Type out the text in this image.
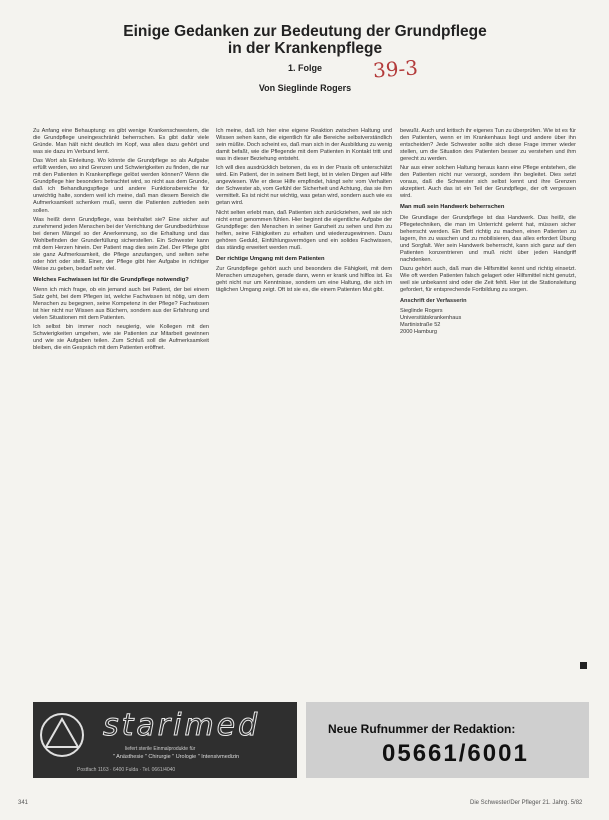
Einige Gedanken zur Bedeutung der Grundpflege
in der Krankenpflege
1. Folge
Von Sieglinde Rogers
39-3

Zu Anfang eine Behauptung: es gibt wenige Krankenschwestern, die die Grundpflege uneingeschränkt beherrschen. Es gibt dafür viele Gründe. Man hält nicht deutlich im Kopf, was alles dazu gehört und was sie dazu im Verbund lernt.

Das Wort als Einleitung. Wo könnte die Grundpflege so als Aufgabe erfüllt werden, wo sind Grenzen und Schwierigkeiten zu finden, die nur mit den Patienten in Krankenpflege gelöst werden können? Wenn die Grundpflege hier besonders betrachtet wird, so nicht aus dem Grunde, daß ich Behandlungspflege und andere Funktionsbereiche für unwichtig halte, sondern weil ich meine, daß man diesem Bereich die Aufmerksamkeit schenken muß, wenn die Patienten zufrieden sein sollen.

Was heißt denn Grundpflege, was beinhaltet sie? Eine sicher auf zunehmend jeden Menschen bei der Verrichtung der Grundbedürfnisse bei denen Mängel so der Anerkennung, so die Erhaltung und das Wohlbefinden der Grunderfüllung sicherstellen. Ein Schwester kann mit dem Herzen hinein. Der Patient mag dies sein Ziel. Der Pflege gibt sie ganz Aufmerksamkeit, die Pflege anzufangen, und selten sehe oder hört oder stellt. Einer, der Pflege gibt hier Aufgabe in richtiger Weise zu geben, bedarf sehr viel.

Welches Fachwissen ist für die Grundpflege notwendig?

Wenn ich mich frage, ob ein jemand auch bei Patient, der bei einem Satz geht, bei dem Pflegen ist, welche Fachwissen ist nötig, um dem Menschen zu begegnen, seine Kompetenz in der Pflege? Fachwissen ist hier nicht nur Wissen aus Büchern, sondern aus der Erfahrung und vielen Situationen mit dem Patienten.

Ich selbst bin immer noch neugierig, wie Kollegen mit den Schwierigkeiten umgehen, wie sie Patienten zur Mitarbeit gewinnen und wie sie Aufgaben teilen. Zum Schluß soll die Aufmerksamkeit bleiben, die ein Gespräch mit dem Patienten eröffnet.

Ich meine, daß ich hier eine eigene Reaktion zwischen Haltung und Wissen sehen kann, die eigentlich für alle Bereiche selbstverständlich sein müßte. Doch scheint es, daß man sich in der Ausbildung zu wenig damit befaßt, wie die Pflegende mit dem Patienten in Kontakt tritt und was in dieser Beziehung entsteht.

Ich will dies ausdrücklich betonen, da es in der Praxis oft unterschätzt wird. Ein Patient, der in seinem Bett liegt, ist in vielen Dingen auf Hilfe angewiesen. Wie er diese Hilfe empfindet, hängt sehr vom Verhalten der Schwester ab, vom Gefühl der Sicherheit und Achtung, das sie ihm vermittelt. Es ist nicht nur wichtig, was getan wird, sondern auch wie es getan wird.

Nicht selten erlebt man, daß Patienten sich zurückziehen, weil sie sich nicht ernst genommen fühlen. Hier beginnt die eigentliche Aufgabe der Grundpflege: den Menschen in seiner Ganzheit zu sehen und ihm zu helfen, seine Fähigkeiten zu erhalten und wiederzugewinnen. Dazu gehören Geduld, Einfühlungsvermögen und ein solides Fachwissen, das ständig erweitert werden muß.

Der richtige Umgang mit dem Patienten

Zur Grundpflege gehört auch und besonders die Fähigkeit, mit dem Menschen umzugehen, gerade dann, wenn er krank und hilflos ist. Es geht nicht nur um Kenntnisse, sondern um eine Haltung, die sich im täglichen Umgang zeigt. Oft ist sie es, die einem Patienten Mut gibt.

bewußt. Auch und kritisch ihr eigenes Tun zu überprüfen. Wie ist es für den Patienten, wenn er im Krankenhaus liegt und andere über ihn entscheiden? Jede Schwester sollte sich diese Frage immer wieder stellen, um die Situation des Patienten besser zu verstehen und ihm gerecht zu werden.

Nur aus einer solchen Haltung heraus kann eine Pflege entstehen, die den Patienten nicht nur versorgt, sondern ihn begleitet. Dies setzt voraus, daß die Schwester sich selbst kennt und ihre Grenzen akzeptiert. Auch das ist ein Teil der Grundpflege, der oft vergessen wird.

Man muß sein Handwerk beherrschen

Die Grundlage der Grundpflege ist das Handwerk. Das heißt, die Pflegetechniken, die man im Unterricht gelernt hat, müssen sicher beherrscht werden. Ein Bett richtig zu machen, einen Patienten zu lagern, ihn zu waschen und zu mobilisieren, das alles erfordert Übung und Sorgfalt. Wer sein Handwerk beherrscht, kann sich ganz auf den Patienten konzentrieren und muß nicht über jeden Handgriff nachdenken.

Dazu gehört auch, daß man die Hilfsmittel kennt und richtig einsetzt. Wie oft werden Patienten falsch gelagert oder Hilfsmittel nicht genutzt, weil sie unbekannt sind oder die Zeit fehlt. Hier ist die Stationsleitung gefordert, für entsprechende Fortbildung zu sorgen.

Anschrift der Verfasserin
Sieglinde Rogers
Universitätskrankenhaus
Martinistraße 52
2000 Hamburg
starimed
liefert sterile Einmalprodukte für
" Anästhesie " Chirurgie " Urologie " Intensivmedizin
Postfach 1163 · 6400 Fulda · Tel. 0661/4040
Neue Rufnummer der Redaktion:
05661/6001
341	Die Schwester/Der Pfleger 21. Jahrg. 5/82
